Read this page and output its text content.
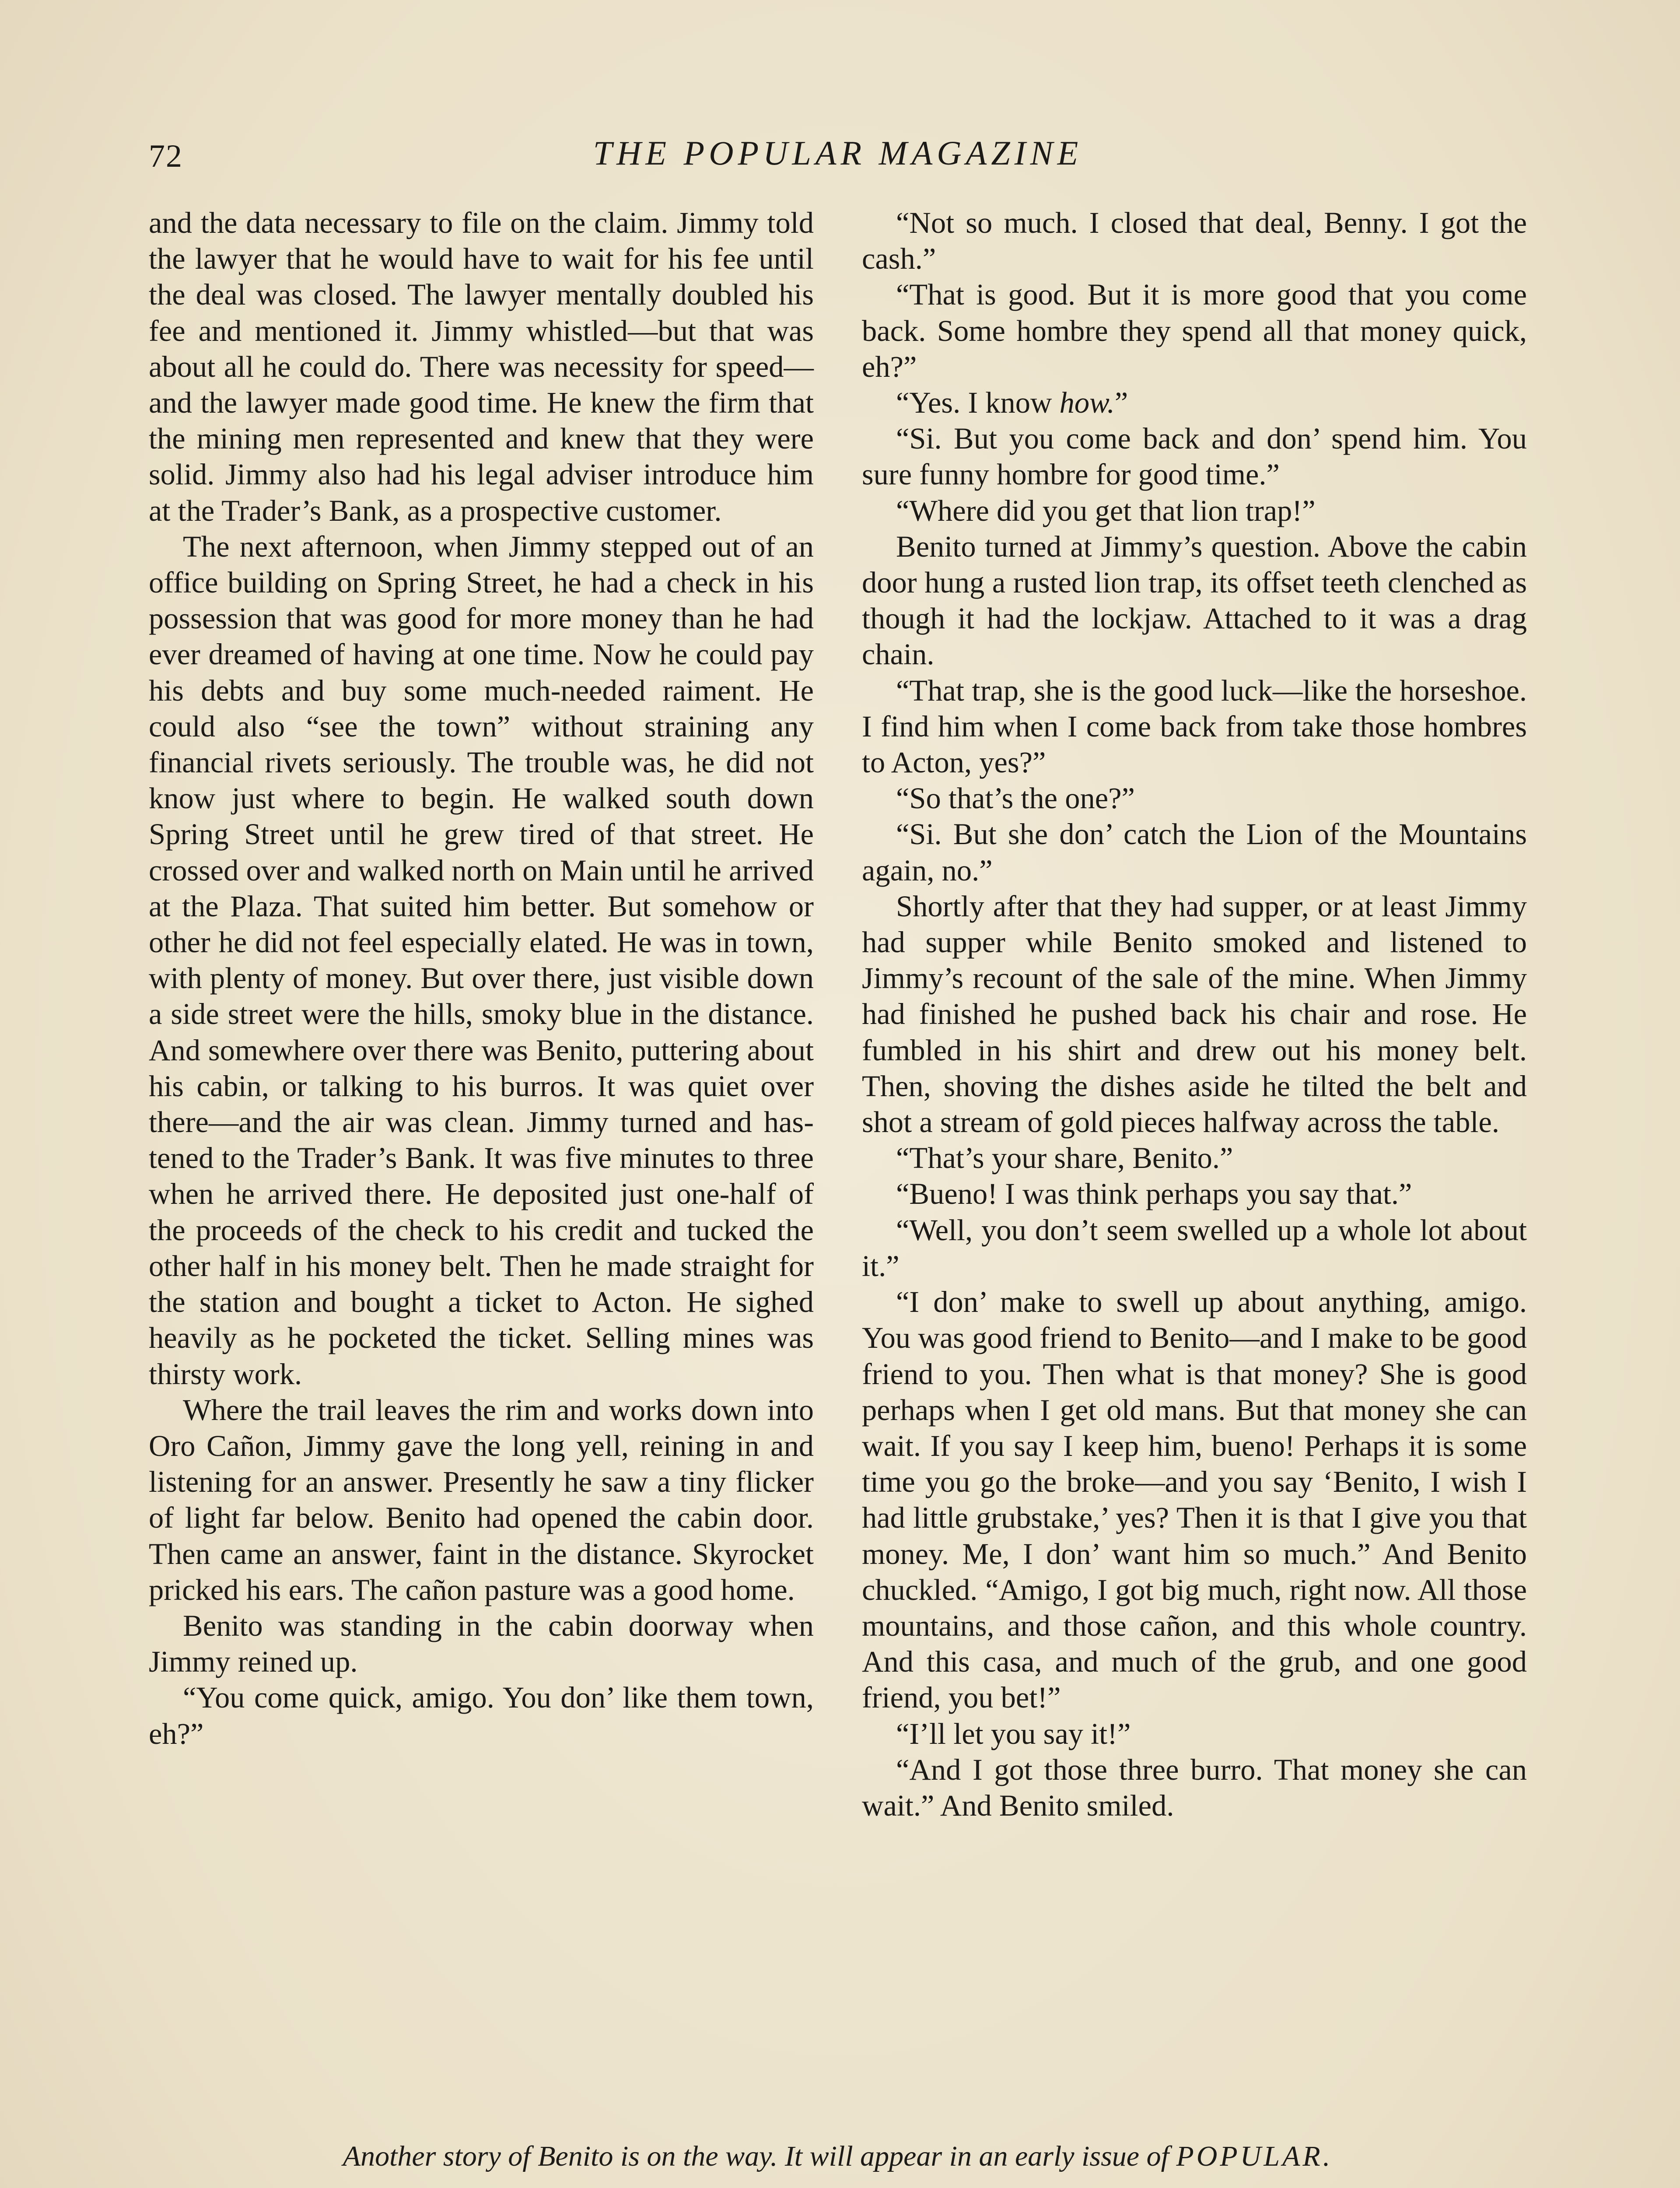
72	THE POPULAR MAGAZINE

and the data necessary to file on the claim. Jimmy told the lawyer that he would have to wait for his fee until the deal was closed. The lawyer mentally doubled his fee and mentioned it. Jimmy whistled—but that was about all he could do. There was necessity for speed—and the lawyer made good time. He knew the firm that the mining men represented and knew that they were solid. Jimmy also had his legal adviser introduce him at the Trader’s Bank, as a prospective customer.

The next afternoon, when Jimmy stepped out of an office building on Spring Street, he had a check in his possession that was good for more money than he had ever dreamed of having at one time. Now he could pay his debts and buy some much-needed raiment. He could also “see the town” without straining any financial rivets seriously. The trouble was, he did not know just where to begin. He walked south down Spring Street until he grew tired of that street. He crossed over and walked north on Main until he arrived at the Plaza. That suited him better. But somehow or other he did not feel especially elated. He was in town, with plenty of money. But over there, just visible down a side street were the hills, smoky blue in the distance. And somewhere over there was Benito, puttering about his cabin, or talking to his burros. It was quiet over there—and the air was clean. Jimmy turned and hastened to the Trader’s Bank. It was five minutes to three when he arrived there. He deposited just one-half of the proceeds of the check to his credit and tucked the other half in his money belt. Then he made straight for the station and bought a ticket to Acton. He sighed heavily as he pocketed the ticket. Selling mines was thirsty work.

Where the trail leaves the rim and works down into Oro Cañon, Jimmy gave the long yell, reining in and listening for an answer. Presently he saw a tiny flicker of light far below. Benito had opened the cabin door. Then came an answer, faint in the distance. Skyrocket pricked his ears. The cañon pasture was a good home.

Benito was standing in the cabin doorway when Jimmy reined up.

“You come quick, amigo. You don’ like them town, eh?”

“Not so much. I closed that deal, Benny. I got the cash.”

“That is good. But it is more good that you come back. Some hombre they spend all that money quick, eh?”

“Yes. I know how.”

“Si. But you come back and don’ spend him. You sure funny hombre for good time.”

“Where did you get that lion trap!”

Benito turned at Jimmy’s question. Above the cabin door hung a rusted lion trap, its offset teeth clenched as though it had the lockjaw. Attached to it was a drag chain.

“That trap, she is the good luck—like the horseshoe. I find him when I come back from take those hombres to Acton, yes?”

“So that’s the one?”

“Si. But she don’ catch the Lion of the Mountains again, no.”

Shortly after that they had supper, or at least Jimmy had supper while Benito smoked and listened to Jimmy’s recount of the sale of the mine. When Jimmy had finished he pushed back his chair and rose. He fumbled in his shirt and drew out his money belt. Then, shoving the dishes aside he tilted the belt and shot a stream of gold pieces halfway across the table.

“That’s your share, Benito.”

“Bueno! I was think perhaps you say that.”

“Well, you don’t seem swelled up a whole lot about it.”

“I don’ make to swell up about anything, amigo. You was good friend to Benito—and I make to be good friend to you. Then what is that money? She is good perhaps when I get old mans. But that money she can wait. If you say I keep him, bueno! Perhaps it is some time you go the broke—and you say ‘Benito, I wish I had little grubstake,’ yes? Then it is that I give you that money. Me, I don’ want him so much.” And Benito chuckled. “Amigo, I got big much, right now. All those mountains, and those cañon, and this whole country. And this casa, and much of the grub, and one good friend, you bet!”

“I’ll let you say it!”

“And I got those three burro. That money she can wait.” And Benito smiled.

Another story of Benito is on the way. It will appear in an early issue of POPULAR.
